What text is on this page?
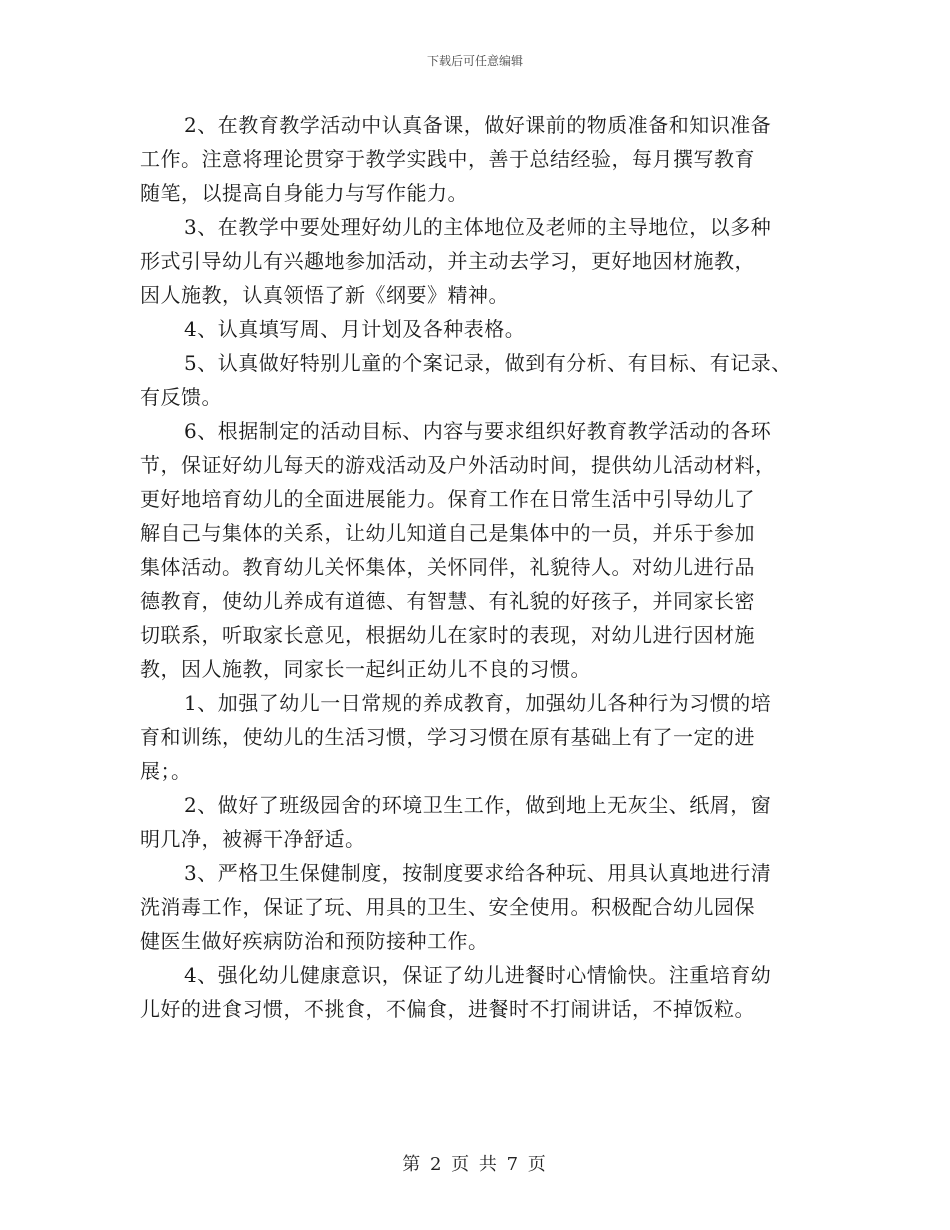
下载后可任意编辑
2、在教育教学活动中认真备课，做好课前的物质准备和知识准备
工作。注意将理论贯穿于教学实践中，善于总结经验，每月撰写教育
随笔，以提高自身能力与写作能力。
3、在教学中要处理好幼儿的主体地位及老师的主导地位，以多种
形式引导幼儿有兴趣地参加活动，并主动去学习，更好地因材施教，
因人施教，认真领悟了新《纲要》精神。
4、认真填写周、月计划及各种表格。
5、认真做好特别儿童的个案记录，做到有分析、有目标、有记录、
有反馈。
6、根据制定的活动目标、内容与要求组织好教育教学活动的各环
节，保证好幼儿每天的游戏活动及户外活动时间，提供幼儿活动材料，
更好地培育幼儿的全面进展能力。保育工作在日常生活中引导幼儿了
解自己与集体的关系，让幼儿知道自己是集体中的一员，并乐于参加
集体活动。教育幼儿关怀集体，关怀同伴，礼貌待人。对幼儿进行品
德教育，使幼儿养成有道德、有智慧、有礼貌的好孩子，并同家长密
切联系，听取家长意见，根据幼儿在家时的表现，对幼儿进行因材施
教，因人施教，同家长一起纠正幼儿不良的习惯。
1、加强了幼儿一日常规的养成教育，加强幼儿各种行为习惯的培
育和训练，使幼儿的生活习惯，学习习惯在原有基础上有了一定的进
展；。
2、做好了班级园舍的环境卫生工作，做到地上无灰尘、纸屑，窗
明几净，被褥干净舒适。
3、严格卫生保健制度，按制度要求给各种玩、用具认真地进行清
洗消毒工作，保证了玩、用具的卫生、安全使用。积极配合幼儿园保
健医生做好疾病防治和预防接种工作。
4、强化幼儿健康意识，保证了幼儿进餐时心情愉快。注重培育幼
儿好的进食习惯，不挑食，不偏食，进餐时不打闹讲话，不掉饭粒。
第 2 页 共 7 页
